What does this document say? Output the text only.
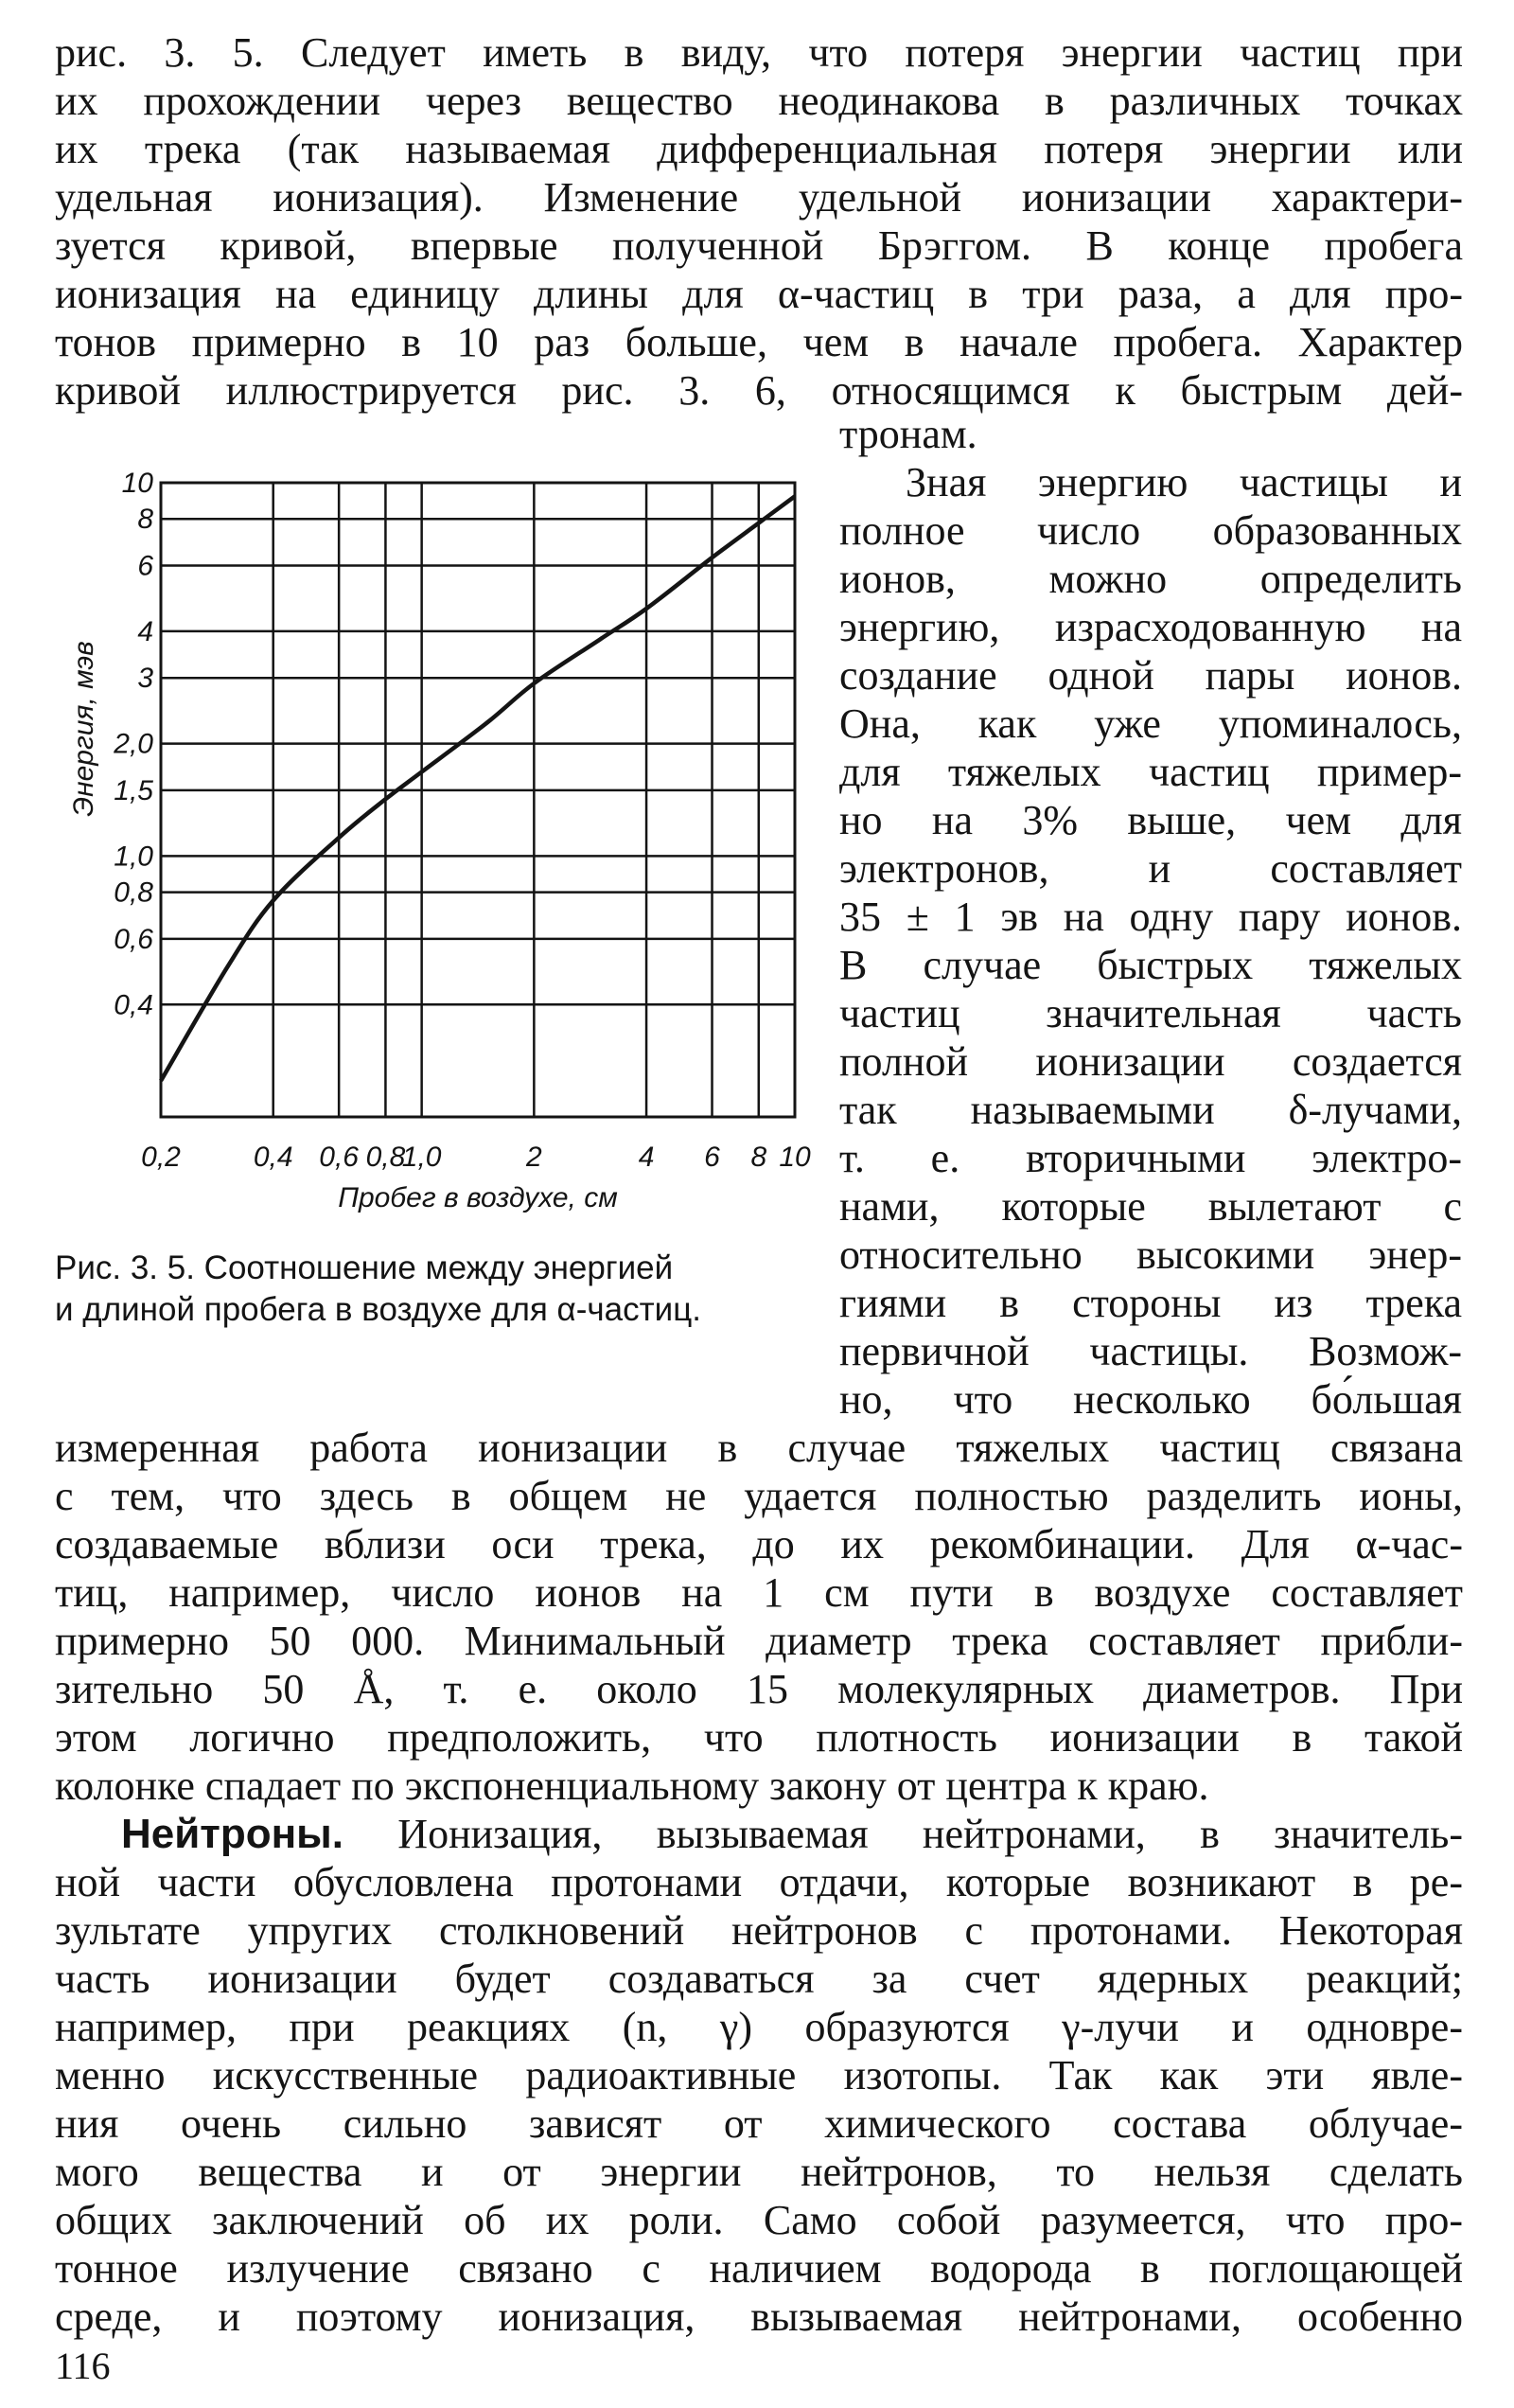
рис. 3. 5. Следует иметь в виду, что потеря энергии частиц при
их прохождении через вещество неодинакова в различных точках
их трека (так называемая дифференциальная потеря энергии или
удельная ионизация). Изменение удельной ионизации характери-
зуется кривой, впервые полученной Брэггом. В конце пробега
ионизация на единицу длины для α-частиц в три раза, а для про-
тонов примерно в 10 раз больше, чем в начале пробега. Характер
кривой иллюстрируется рис. 3. 6, относящимся к быстрым дей-
0,2	0,4 0,6 0,8
1,0	2	4 6 8 10
0,4
0,6
0,8
1,0
1,5
2,0
3
4
6
8
10
Энергия, мэв
Пробег в воздухе, см
Рис. 3. 5. Соотношение между энергией
и длиной пробега в воздухе для α-частиц.
тронам.
Зная энергию частицы и
полное число образованных
ионов, можно определить
энергию, израсходованную на
создание одной пары ионов.
Она, как уже упоминалось,
для тяжелых частиц пример-
но на 3% выше, чем для
электронов, и составляет
35 ± 1 эв на одну пару ионов.
В случае быстрых тяжелых
частиц значительная часть
полной ионизации создается
так называемыми δ-лучами,
т. е. вторичными электро-
нами, которые вылетают с
относительно высокими энер-
гиями в стороны из трека
первичной частицы. Возмож-
но, что несколько бо́льшая
измеренная работа ионизации в случае тяжелых частиц связана
с тем, что здесь в общем не удается полностью разделить ионы,
создаваемые вблизи оси трека, до их рекомбинации. Для α-час-
тиц, например, число ионов на 1 см пути в воздухе составляет
примерно 50 000. Минимальный диаметр трека составляет прибли-
зительно 50 Å, т. е. около 15 молекулярных диаметров. При
этом логично предположить, что плотность ионизации в такой
колонке спадает по экспоненциальному закону от центра к краю.
Нейтроны. Ионизация, вызываемая нейтронами, в значитель-
ной части обусловлена протонами отдачи, которые возникают в ре-
зультате упругих столкновений нейтронов с протонами. Некоторая
часть ионизации будет создаваться за счет ядерных реакций;
например, при реакциях (n, γ) образуются γ-лучи и одновре-
менно искусственные радиоактивные изотопы. Так как эти явле-
ния очень сильно зависят от химического состава облучае-
мого вещества и от энергии нейтронов, то нельзя сделать
общих заключений об их роли. Само собой разумеется, что про-
тонное излучение связано с наличием водорода в поглощающей
среде, и поэтому ионизация, вызываемая нейтронами, особенно
116
